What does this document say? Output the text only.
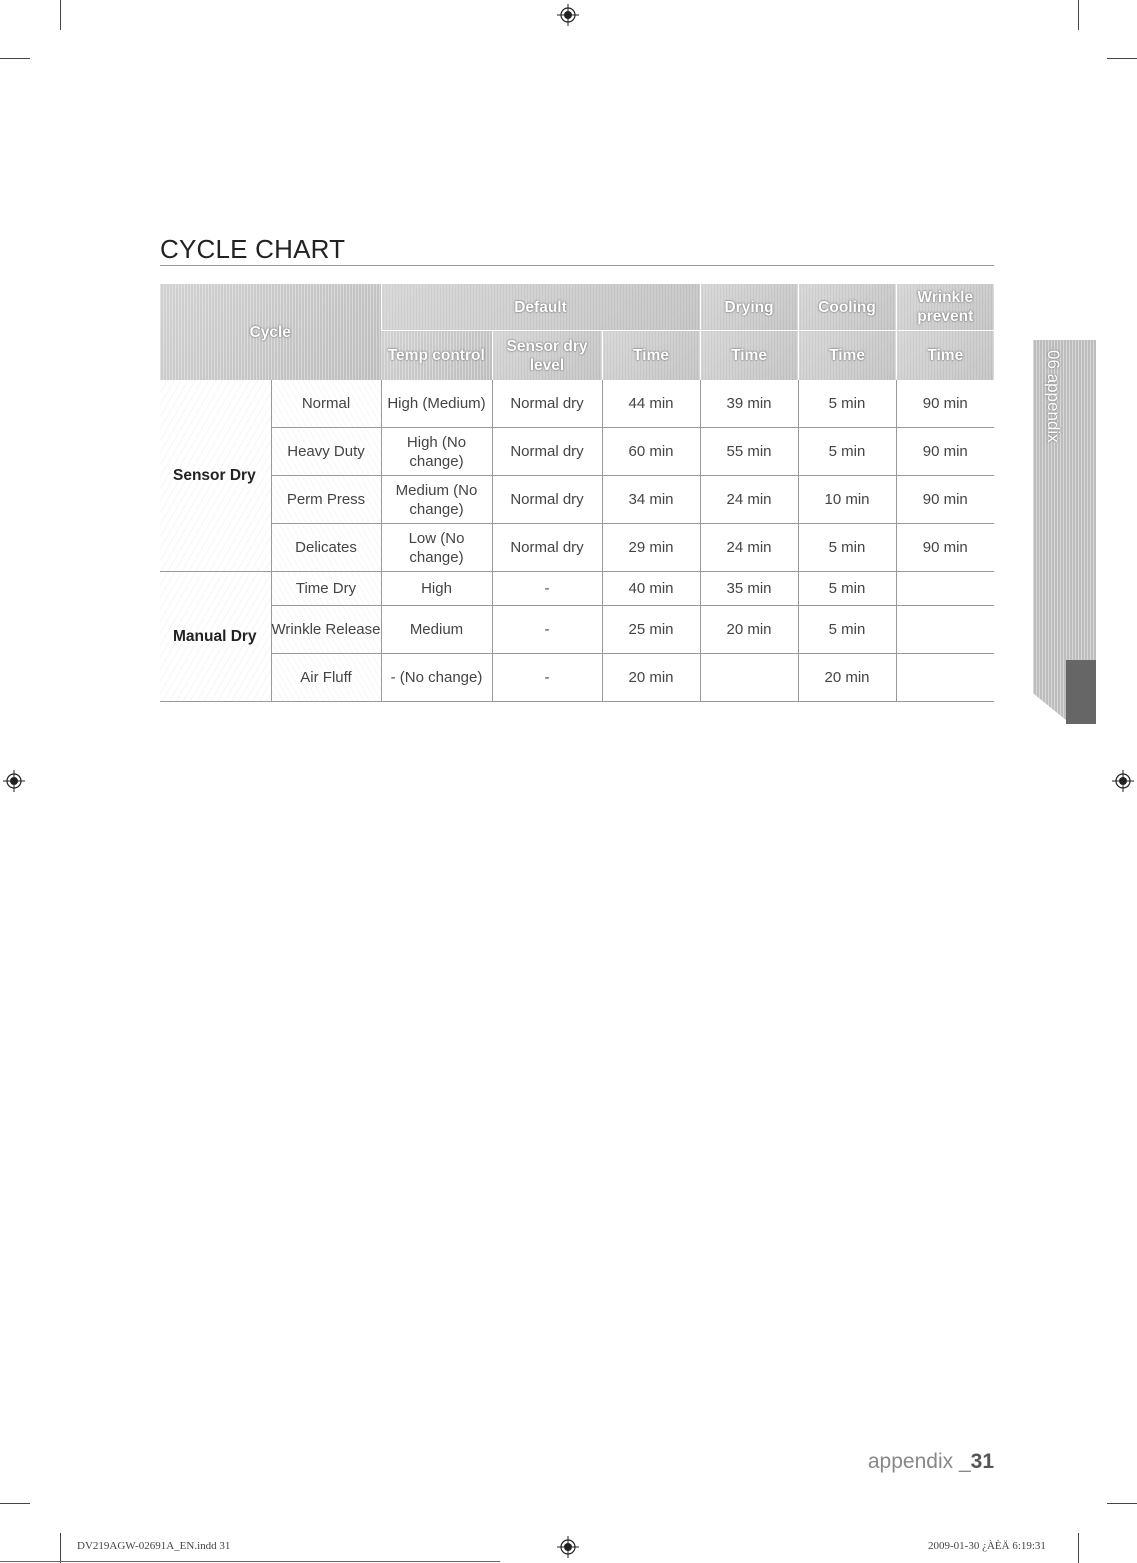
CYCLE CHART
Cycle		Default			Drying	Cooling	Wrinkle prevent
		Temp control	Sensor dry level	Time	Time	Time	Time
Sensor Dry	Normal	High (Medium)	Normal dry	44 min	39 min	5 min	90 min
	Heavy Duty	High (No change)	Normal dry	60 min	55 min	5 min	90 min
	Perm Press	Medium (No change)	Normal dry	34 min	24 min	10 min	90 min
	Delicates	Low (No change)	Normal dry	29 min	24 min	5 min	90 min
Manual Dry	Time Dry	High	-	40 min	35 min	5 min	
	Wrinkle Release	Medium	-	25 min	20 min	5 min	
	Air Fluff	- (No change)	-	20 min		20 min	
06 appendix
appendix _31
DV219AGW-02691A_EN.indd 31	2009-01-30 ¿ÀÈÄ 6:19:31
